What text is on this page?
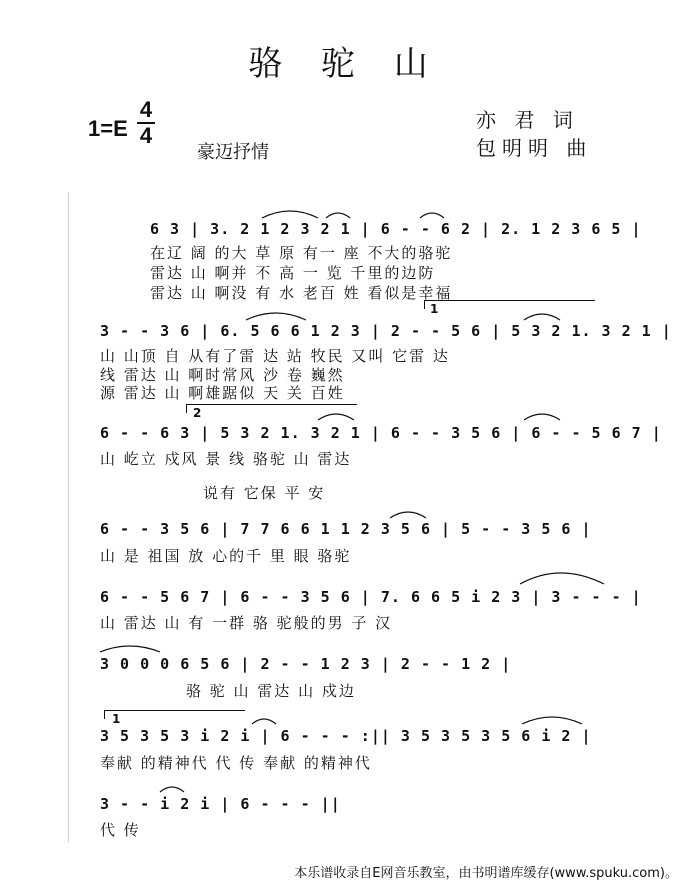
骆 驼 山
1=E
4
4
豪迈抒情
亦 君 词
包明明 曲
6 3 | 3. 2 1 2 3 2 1 | 6 - - 6 2 | 2. 1 2 3 6 5 |
在辽 阔 的大 草 原 有一 座 不大的骆驼
雷达 山 啊并 不 高 一 览 千里的边防
雷达 山 啊没 有 水 老百 姓 看似是幸福
1
3 - - 3 6 | 6. 5 6 6 1 2 3 | 2 - - 5 6 | 5 3 2 1. 3 2 1 |
山 山顶 自 从有了雷 达 站 牧民 又叫 它雷 达
线 雷达 山 啊时常风 沙 卷 巍然
源 雷达 山 啊雄踞似 天 关 百姓
2
6 - - 6 3 | 5 3 2 1. 3 2 1 | 6 - - 3 5 6 | 6 - - 5 6 7 |
山 屹立 戍风 景 线 骆驼 山 雷达
说有 它保 平 安
6 - - 3 5 6 | 7 7 6 6 1 1 2 3 5 6 | 5 - - 3 5 6 |
山 是 祖国 放 心的千 里 眼 骆驼
6 - - 5 6 7 | 6 - - 3 5 6 | 7. 6 6 5 i 2 3 | 3 - - - |
山 雷达 山 有 一群 骆 驼般的男 子 汉
3 0 0 0 6 5 6 | 2 - - 1 2 3 | 2 - - 1 2 |
骆 驼 山 雷达 山 戍边
1
3 5 3 5 3 i 2 i | 6 - - - :|| 3 5 3 5 3 5 6 i 2 |
奉献 的精神代 代 传 奉献 的精神代
3 - - i 2 i | 6 - - - ||
代 传
本乐谱收录自E网音乐教室，由书明谱库缓存(www.spuku.com)。
